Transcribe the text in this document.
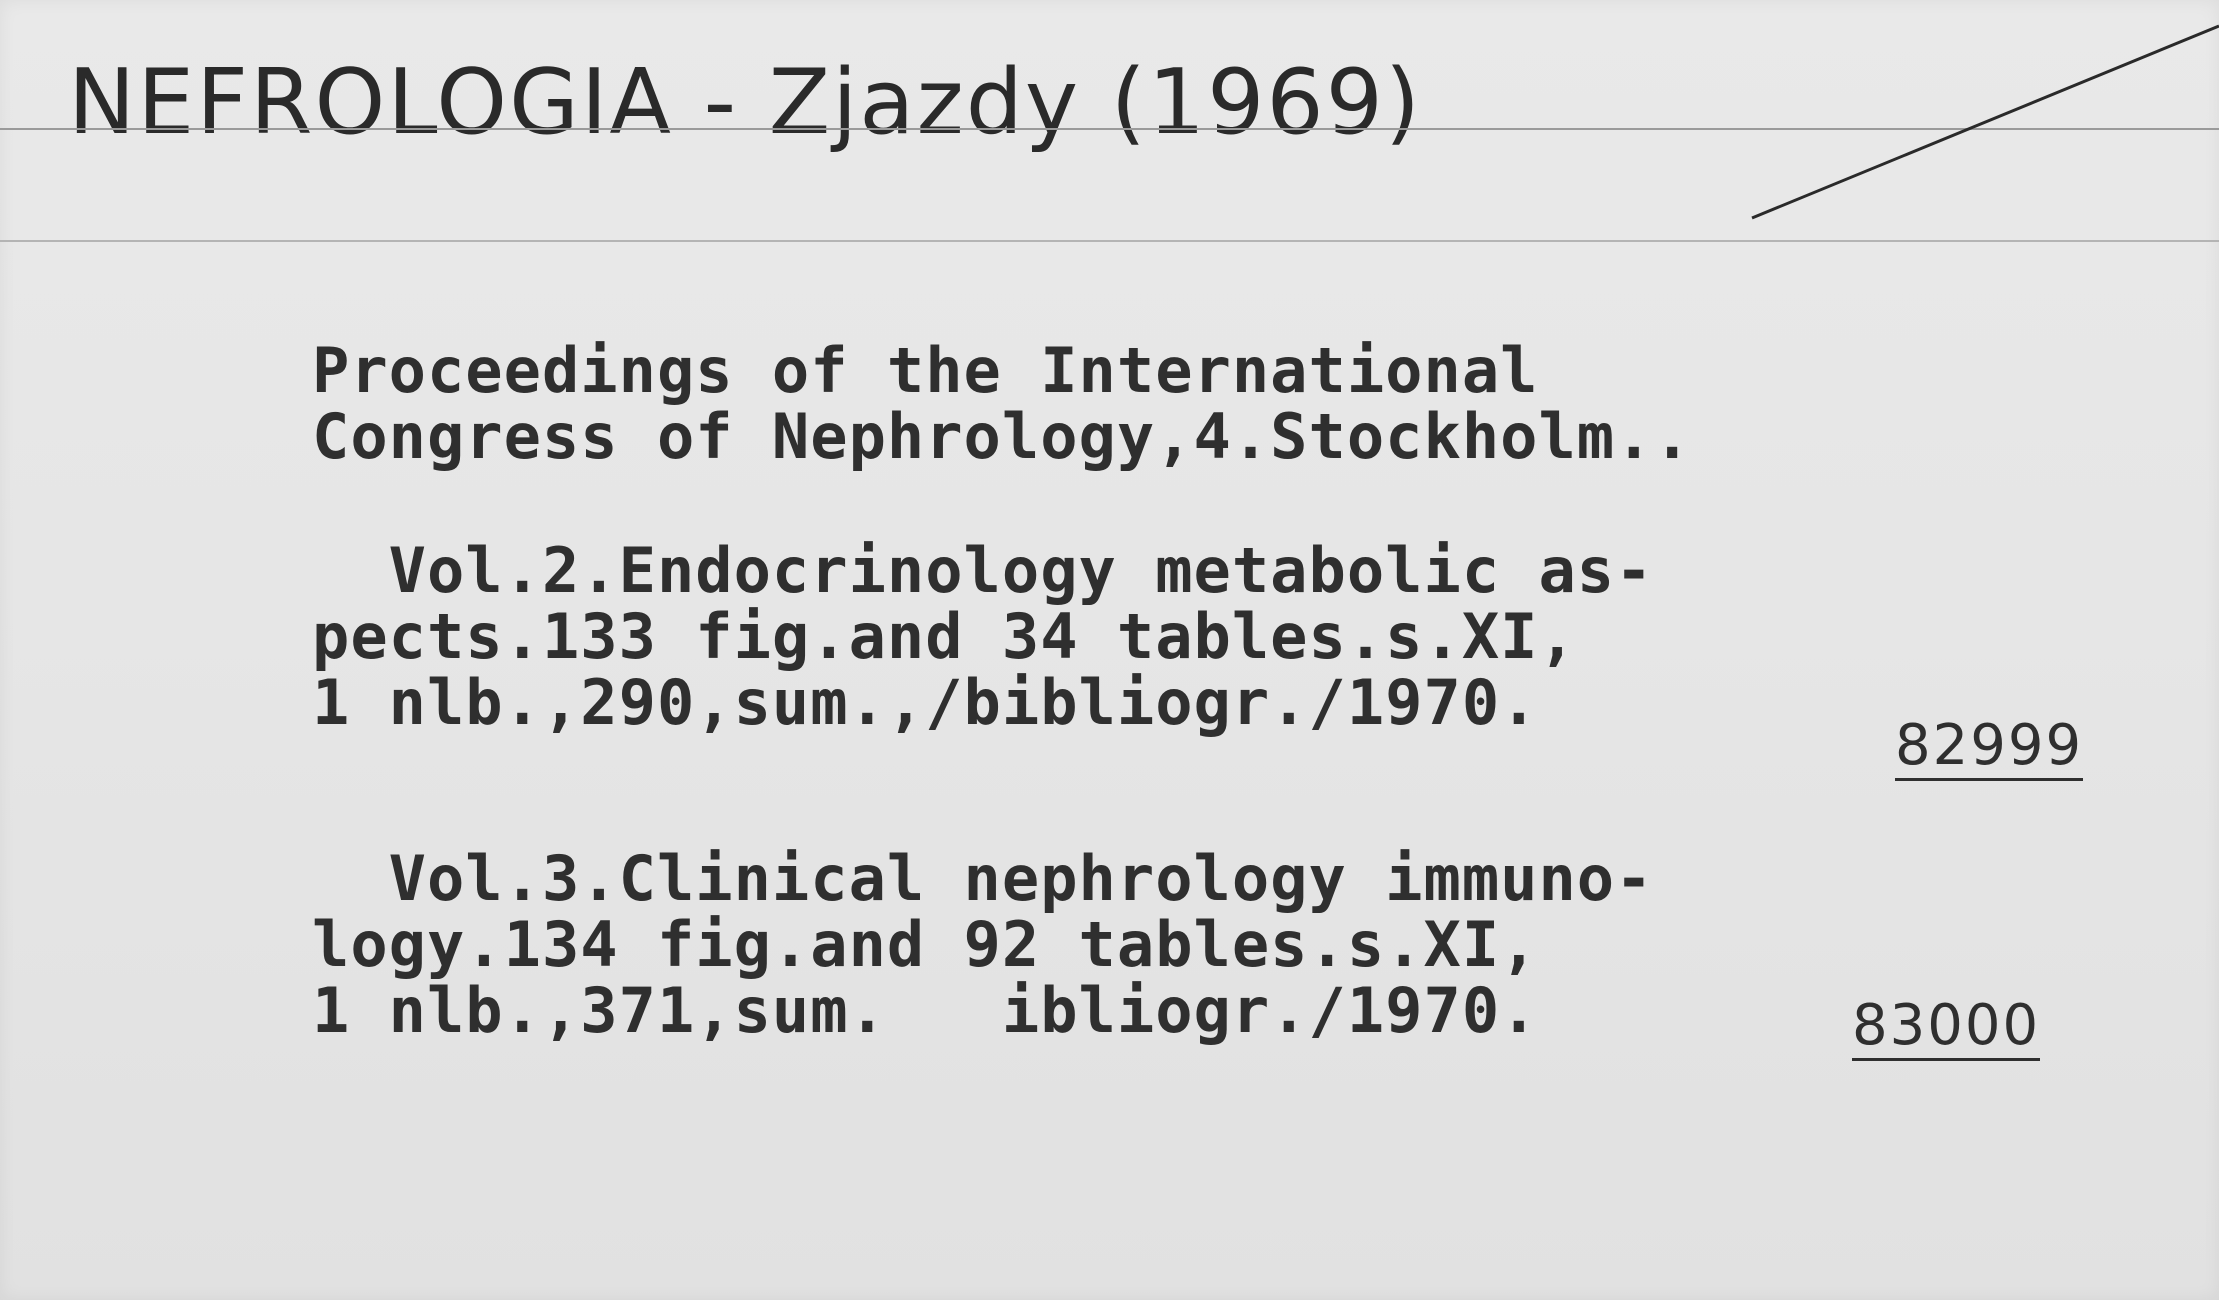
NEFROLOGIA - Zjazdy (1969)
Proceedings of the International
Congress of Nephrology,4.Stockholm..
Vol.2.Endocrinology metabolic as-
pects.133 fig.and 34 tables.s.XI,
1 nlb.,290,sum.,/bibliogr./1970.
82999
Vol.3.Clinical nephrology immuno-
logy.134 fig.and 92 tables.s.XI,
1 nlb.,371,sum.   ibliogr./1970.	83000
